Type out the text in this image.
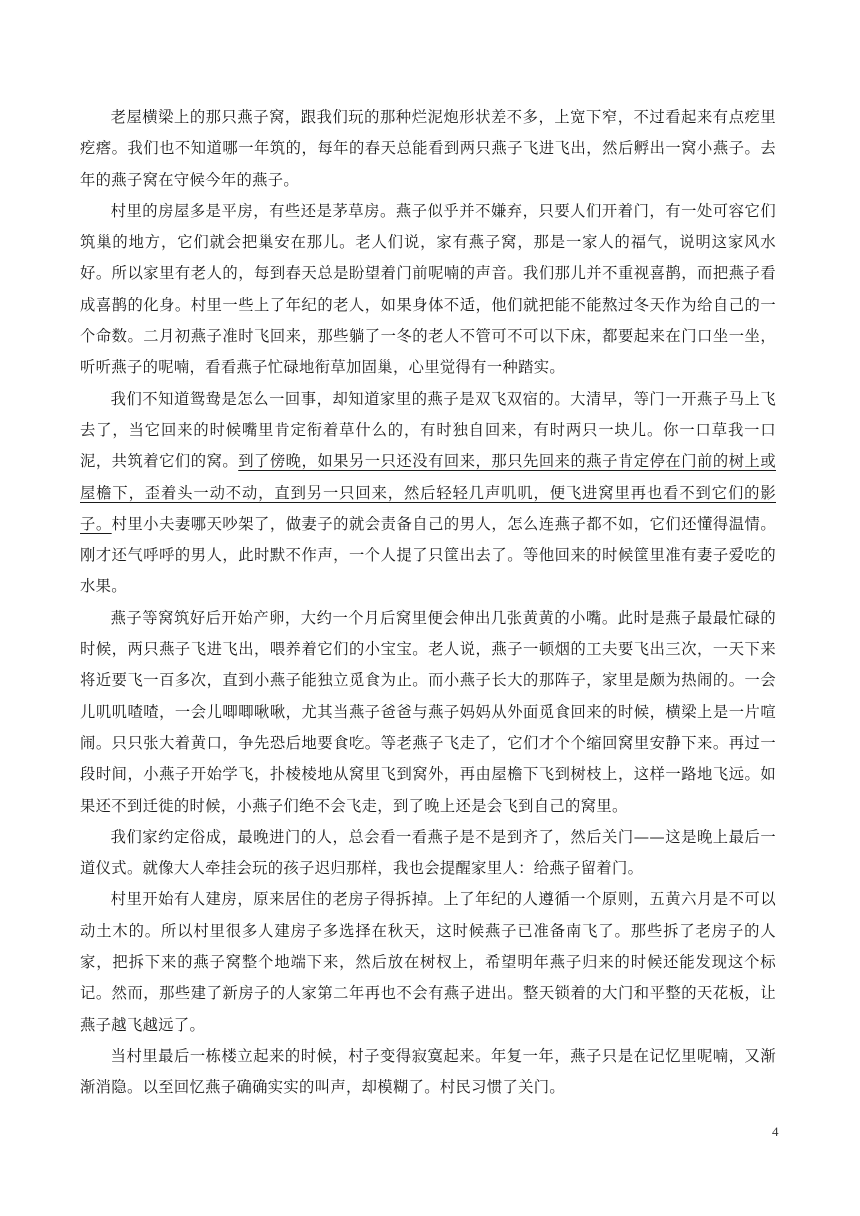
老屋横梁上的那只燕子窝，跟我们玩的那种烂泥炮形状差不多，上宽下窄，不过看起来有点疙里疙瘩。我们也不知道哪一年筑的，每年的春天总能看到两只燕子飞进飞出，然后孵出一窝小燕子。去年的燕子窝在守候今年的燕子。

村里的房屋多是平房，有些还是茅草房。燕子似乎并不嫌弃，只要人们开着门，有一处可容它们筑巢的地方，它们就会把巢安在那儿。老人们说，家有燕子窝，那是一家人的福气，说明这家风水好。所以家里有老人的，每到春天总是盼望着门前呢喃的声音。我们那儿并不重视喜鹊，而把燕子看成喜鹊的化身。村里一些上了年纪的老人，如果身体不适，他们就把能不能熬过冬天作为给自己的一个命数。二月初燕子准时飞回来，那些躺了一冬的老人不管可不可以下床，都要起来在门口坐一坐，听听燕子的呢喃，看看燕子忙碌地衔草加固巢，心里觉得有一种踏实。

我们不知道鸳鸯是怎么一回事，却知道家里的燕子是双飞双宿的。大清早，等门一开燕子马上飞去了，当它回来的时候嘴里肯定衔着草什么的，有时独自回来，有时两只一块儿。你一口草我一口泥，共筑着它们的窝。到了傍晚，如果另一只还没有回来，那只先回来的燕子肯定停在门前的树上或屋檐下，歪着头一动不动，直到另一只回来，然后轻轻几声叽叽，便飞进窝里再也看不到它们的影子。村里小夫妻哪天吵架了，做妻子的就会责备自己的男人，怎么连燕子都不如，它们还懂得温情。刚才还气呼呼的男人，此时默不作声，一个人提了只筐出去了。等他回来的时候筐里准有妻子爱吃的水果。

燕子等窝筑好后开始产卵，大约一个月后窝里便会伸出几张黄黄的小嘴。此时是燕子最最忙碌的时候，两只燕子飞进飞出，喂养着它们的小宝宝。老人说，燕子一顿烟的工夫要飞出三次，一天下来将近要飞一百多次，直到小燕子能独立觅食为止。而小燕子长大的那阵子，家里是颇为热闹的。一会儿叽叽喳喳，一会儿唧唧啾啾，尤其当燕子爸爸与燕子妈妈从外面觅食回来的时候，横梁上是一片喧闹。只只张大着黄口，争先恐后地要食吃。等老燕子飞走了，它们才个个缩回窝里安静下来。再过一段时间，小燕子开始学飞，扑棱棱地从窝里飞到窝外，再由屋檐下飞到树枝上，这样一路地飞远。如果还不到迁徙的时候，小燕子们绝不会飞走，到了晚上还是会飞到自己的窝里。

我们家约定俗成，最晚进门的人，总会看一看燕子是不是到齐了，然后关门——这是晚上最后一道仪式。就像大人牵挂会玩的孩子迟归那样，我也会提醒家里人：给燕子留着门。

村里开始有人建房，原来居住的老房子得拆掉。上了年纪的人遵循一个原则，五黄六月是不可以动土木的。所以村里很多人建房子多选择在秋天，这时候燕子已准备南飞了。那些拆了老房子的人家，把拆下来的燕子窝整个地端下来，然后放在树杈上，希望明年燕子归来的时候还能发现这个标记。然而，那些建了新房子的人家第二年再也不会有燕子进出。整天锁着的大门和平整的天花板，让燕子越飞越远了。

当村里最后一栋楼立起来的时候，村子变得寂寞起来。年复一年，燕子只是在记忆里呢喃，又渐渐消隐。以至回忆燕子确确实实的叫声，却模糊了。村民习惯了关门。

4
